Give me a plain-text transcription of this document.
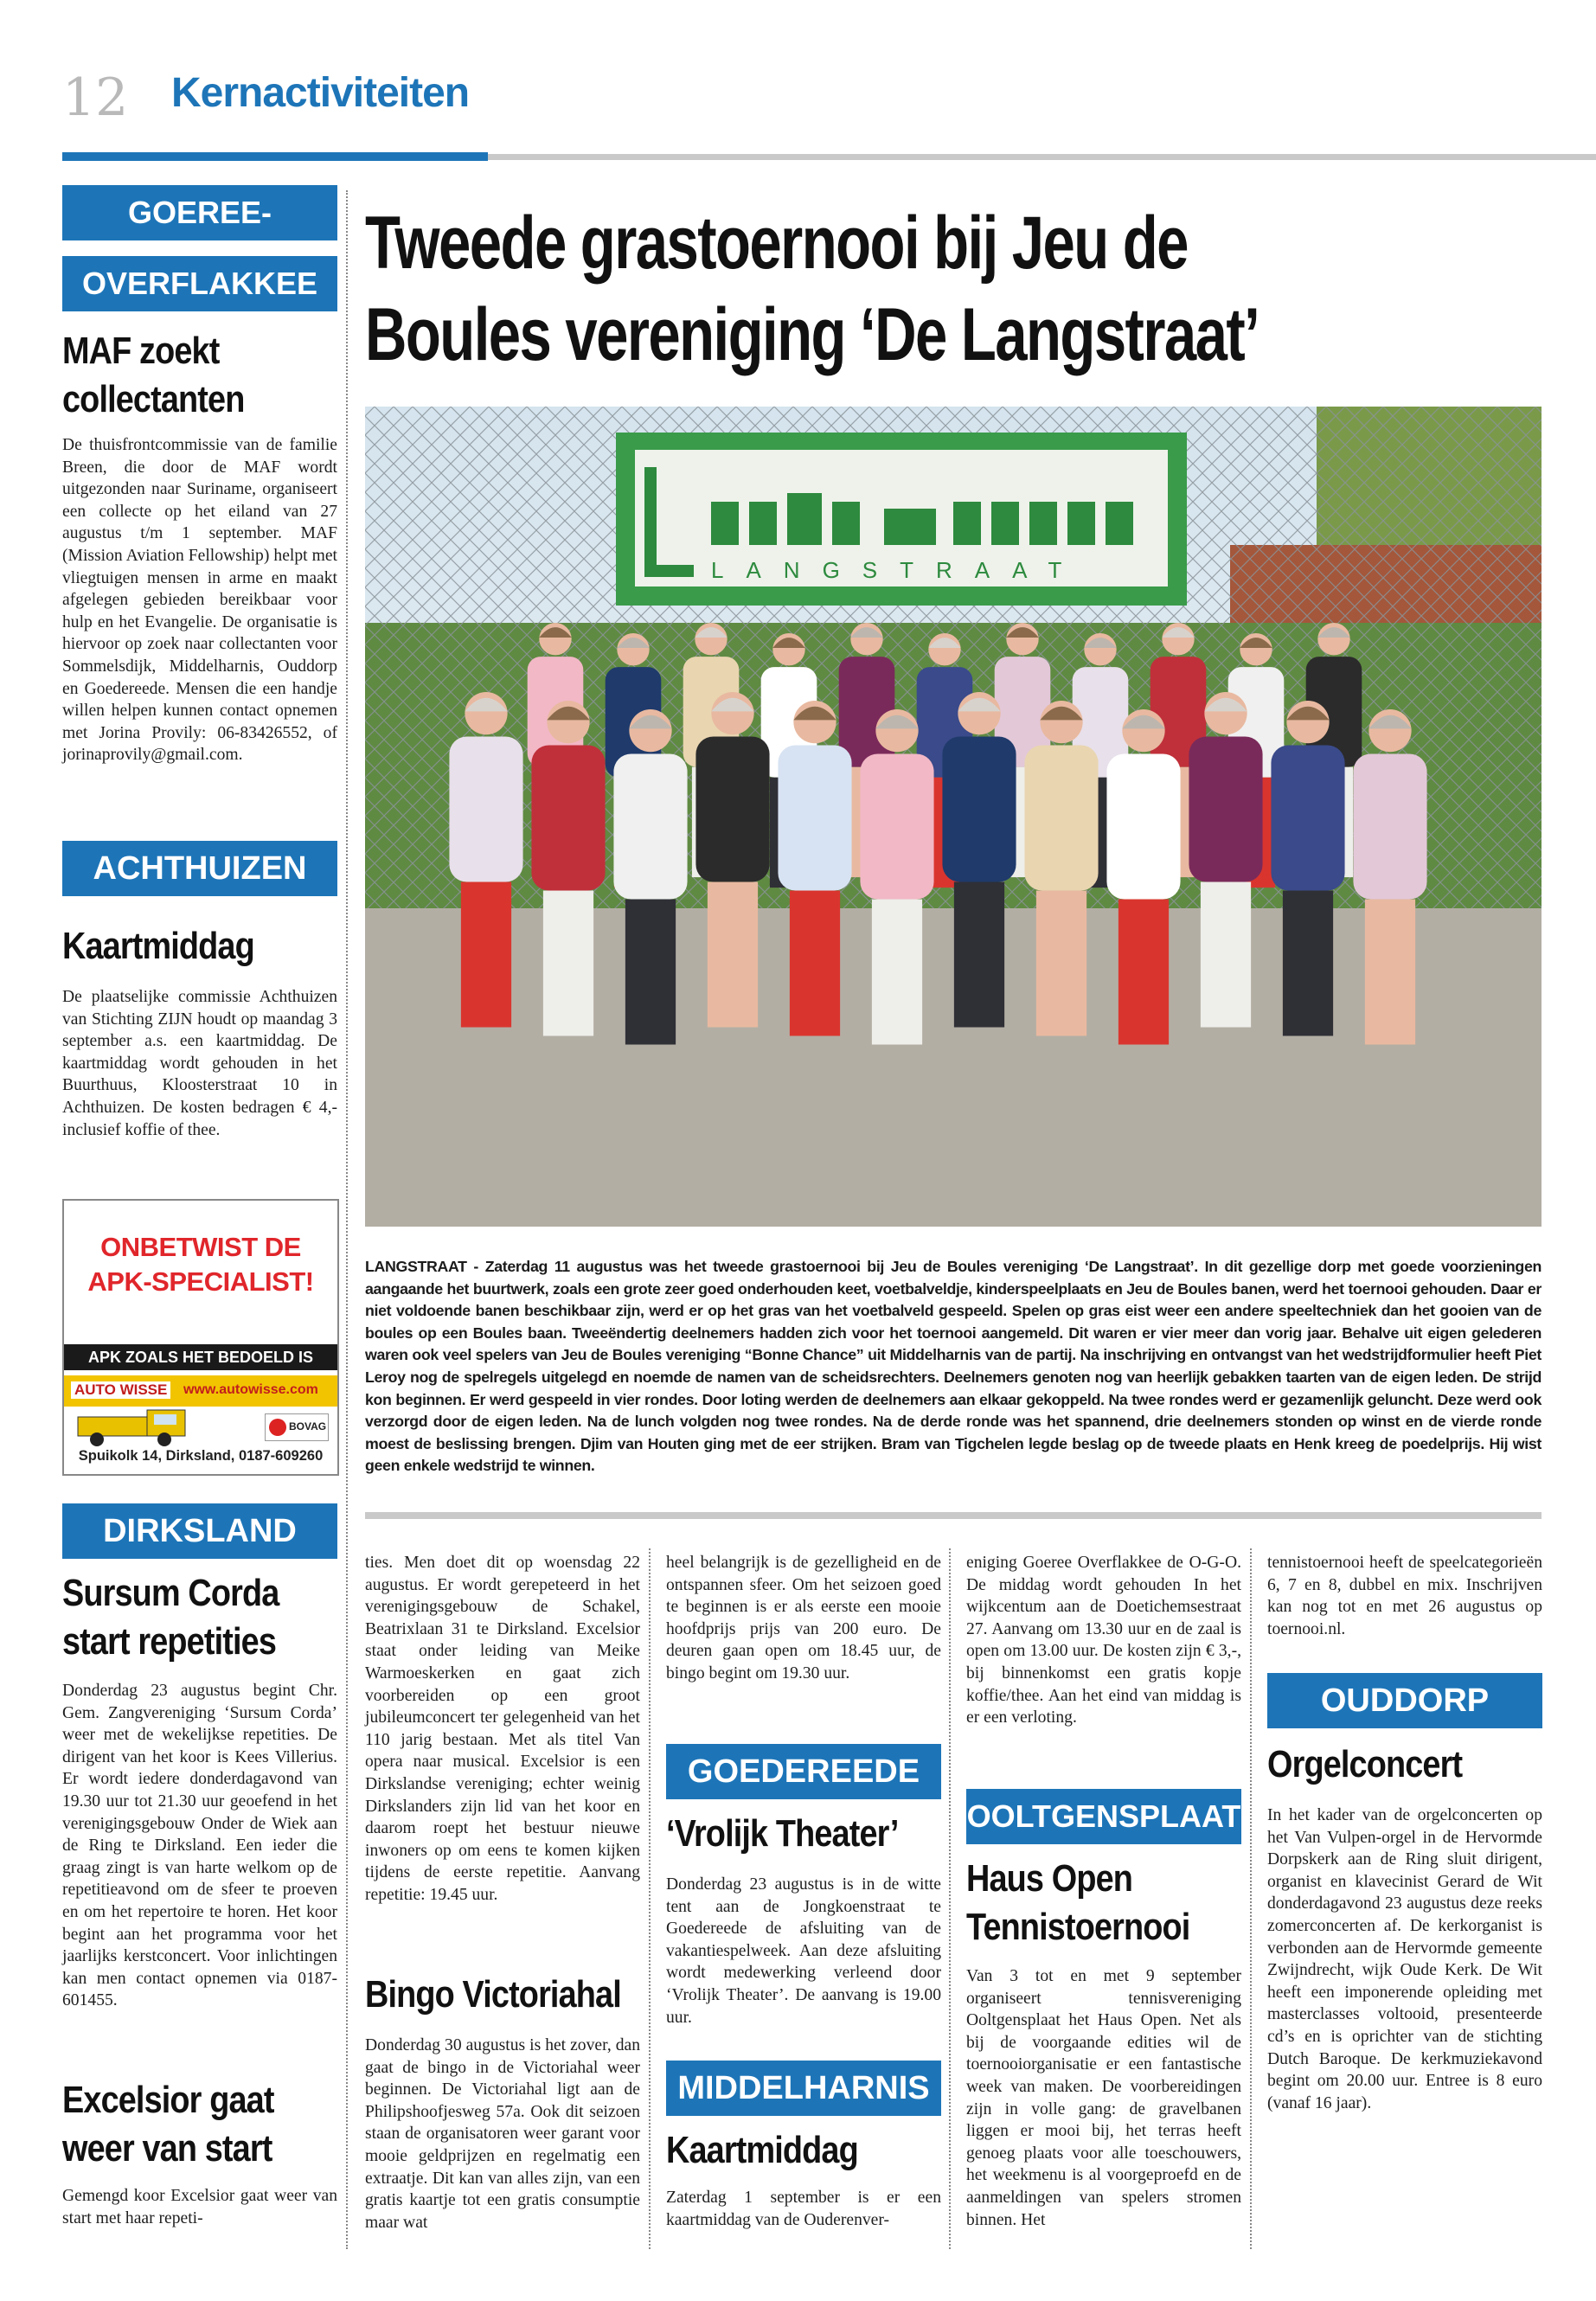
12 Kernactiviteiten
GOEREE-
OVERFLAKKEE
MAF zoekt
collectanten
De thuisfrontcommissie van de familie Breen, die door de MAF wordt uitgezonden naar Suriname, organiseert een collecte op het eiland van 27 augustus t/m 1 september. MAF (Mission Aviation Fellowship) helpt met vliegtuigen mensen in arme en maakt afgelegen gebieden bereikbaar voor hulp en het Evangelie. De organisatie is hiervoor op zoek naar collectanten voor Sommelsdijk, Middelharnis, Ouddorp en Goedereede. Mensen die een handje willen helpen kunnen contact opnemen met Jorina Provily: 06-83426552, of jorinaprovily@gmail.com.
ACHTHUIZEN
Kaartmiddag
De plaatselijke commissie Achthuizen van Stichting ZIJN houdt op maandag 3 september a.s. een kaartmiddag. De kaartmiddag wordt gehouden in het Buurthuus, Kloosterstraat 10 in Achthuizen. De kosten bedragen € 4,- inclusief koffie of thee.
ONBETWIST DE
APK-SPECIALIST!
APK ZOALS HET BEDOELD IS
AUTO WISSE www.autowisse.com
BOVAG
Spuikolk 14, Dirksland, 0187-609260
DIRKSLAND
Sursum Corda
start repetities
Donderdag 23 augustus begint Chr. Gem. Zangvereniging ‘Sursum Corda’ weer met de wekelijkse repetities. De dirigent van het koor is Kees Villerius. Er wordt iedere donderdagavond van 19.30 uur tot 21.30 uur geoefend in het verenigingsgebouw Onder de Wiek aan de Ring te Dirksland. Een ieder die graag zingt is van harte welkom op de repetitieavond om de sfeer te proeven en om het repertoire te horen. Het koor begint aan het programma voor het jaarlijks kerstconcert. Voor inlichtingen kan men contact opnemen via 0187-601455.
Excelsior gaat
weer van start
Gemengd koor Excelsior gaat weer van start met haar repeti-
Tweede grastoernooi bij Jeu de
Boules vereniging ‘De Langstraat’
LANGSTRAAT
LANGSTRAAT - Zaterdag 11 augustus was het tweede grastoernooi bij Jeu de Boules vereniging ‘De Langstraat’. In dit gezellige dorp met goede voorzieningen aangaande het buurtwerk, zoals een grote zeer goed onderhouden keet, voetbalveldje, kinderspeelplaats en Jeu de Boules banen, werd het toernooi gehouden. Daar er niet voldoende banen beschikbaar zijn, werd er op het gras van het voetbalveld gespeeld. Spelen op gras eist weer een andere speeltechniek dan het gooien van de boules op een Boules baan. Tweeëndertig deelnemers hadden zich voor het toernooi aangemeld. Dit waren er vier meer dan vorig jaar. Behalve uit eigen gelederen waren ook veel spelers van Jeu de Boules vereniging “Bonne Chance” uit Middelharnis van de partij. Na inschrijving en ontvangst van het wedstrijdformulier heeft Piet Leroy nog de spelregels uitgelegd en noemde de namen van de scheidsrechters. Deelnemers genoten nog van heerlijk gebakken taarten van de eigen leden. De strijd kon beginnen. Er werd gespeeld in vier rondes. Door loting werden de deelnemers aan elkaar gekoppeld. Na twee rondes werd er gezamenlijk geluncht. Deze werd ook verzorgd door de eigen leden. Na de lunch volgden nog twee rondes. Na de derde ronde was het spannend, drie deelnemers stonden op winst en de vierde ronde moest de beslissing brengen. Djim van Houten ging met de eer strijken. Bram van Tigchelen legde beslag op de tweede plaats en Henk kreeg de poedelprijs. Hij wist geen enkele wedstrijd te winnen.
ties. Men doet dit op woensdag 22 augustus. Er wordt gerepeteerd in het verenigingsgebouw de Schakel, Beatrixlaan 31 te Dirksland. Excelsior staat onder leiding van Meike Warmoeskerken en gaat zich voorbereiden op een groot jubileumconcert ter gelegenheid van het 110 jarig bestaan. Met als titel Van opera naar musical. Excelsior is een Dirkslandse vereniging; echter weinig Dirkslanders zijn lid van het koor en daarom roept het bestuur nieuwe inwoners op om eens te komen kijken tijdens de eerste repetitie. Aanvang repetitie: 19.45 uur.
Bingo Victoriahal
Donderdag 30 augustus is het zover, dan gaat de bingo in de Victoriahal weer beginnen. De Victoriahal ligt aan de Philipshoofjesweg 57a. Ook dit seizoen staan de organisatoren weer garant voor mooie geldprijzen en regelmatig een extraatje. Dit kan van alles zijn, van een gratis kaartje tot een gratis consumptie maar wat
heel belangrijk is de gezelligheid en de ontspannen sfeer. Om het seizoen goed te beginnen is er als eerste een mooie hoofdprijs prijs van 200 euro. De deuren gaan open om 18.45 uur, de bingo begint om 19.30 uur.
GOEDEREEDE
‘Vrolijk Theater’
Donderdag 23 augustus is in de witte tent aan de Jongkoenstraat te Goedereede de afsluiting van de vakantiespelweek. Aan deze afsluiting wordt medewerking verleend door ‘Vrolijk Theater’. De aanvang is 19.00 uur.
MIDDELHARNIS
Kaartmiddag
Zaterdag 1 september is er een kaartmiddag van de Ouderenver-
eniging Goeree Overflakkee de O-G-O. De middag wordt gehouden In het wijkcentum aan de Doetichemsestraat 27. Aanvang om 13.30 uur en de zaal is open om 13.00 uur. De kosten zijn € 3,-, bij binnenkomst een gratis kopje koffie/thee. Aan het eind van middag is er een verloting.
OOLTGENSPLAAT
Haus Open
Tennistoernooi
Van 3 tot en met 9 september organiseert tennisvereniging Ooltgensplaat het Haus Open. Net als bij de voorgaande edities wil de toernooiorganisatie er een fantastische week van maken. De voorbereidingen zijn in volle gang: de gravelbanen liggen er mooi bij, het terras heeft genoeg plaats voor alle toeschouwers, het weekmenu is al voorgeproefd en de aanmeldingen van spelers stromen binnen. Het
tennistoernooi heeft de speelcategorieën 6, 7 en 8, dubbel en mix. Inschrijven kan nog tot en met 26 augustus op toernooi.nl.
OUDDORP
Orgelconcert
In het kader van de orgelconcerten op het Van Vulpen-orgel in de Hervormde Dorpskerk aan de Ring sluit dirigent, organist en klavecinist Gerard de Wit donderdagavond 23 augustus deze reeks zomerconcerten af. De kerkorganist is verbonden aan de Hervormde gemeente Zwijndrecht, wijk Oude Kerk. De Wit heeft een imponerende opleiding met masterclasses voltooid, presenteerde cd’s en is oprichter van de stichting Dutch Baroque. De kerkmuziekavond begint om 20.00 uur. Entree is 8 euro (vanaf 16 jaar).
